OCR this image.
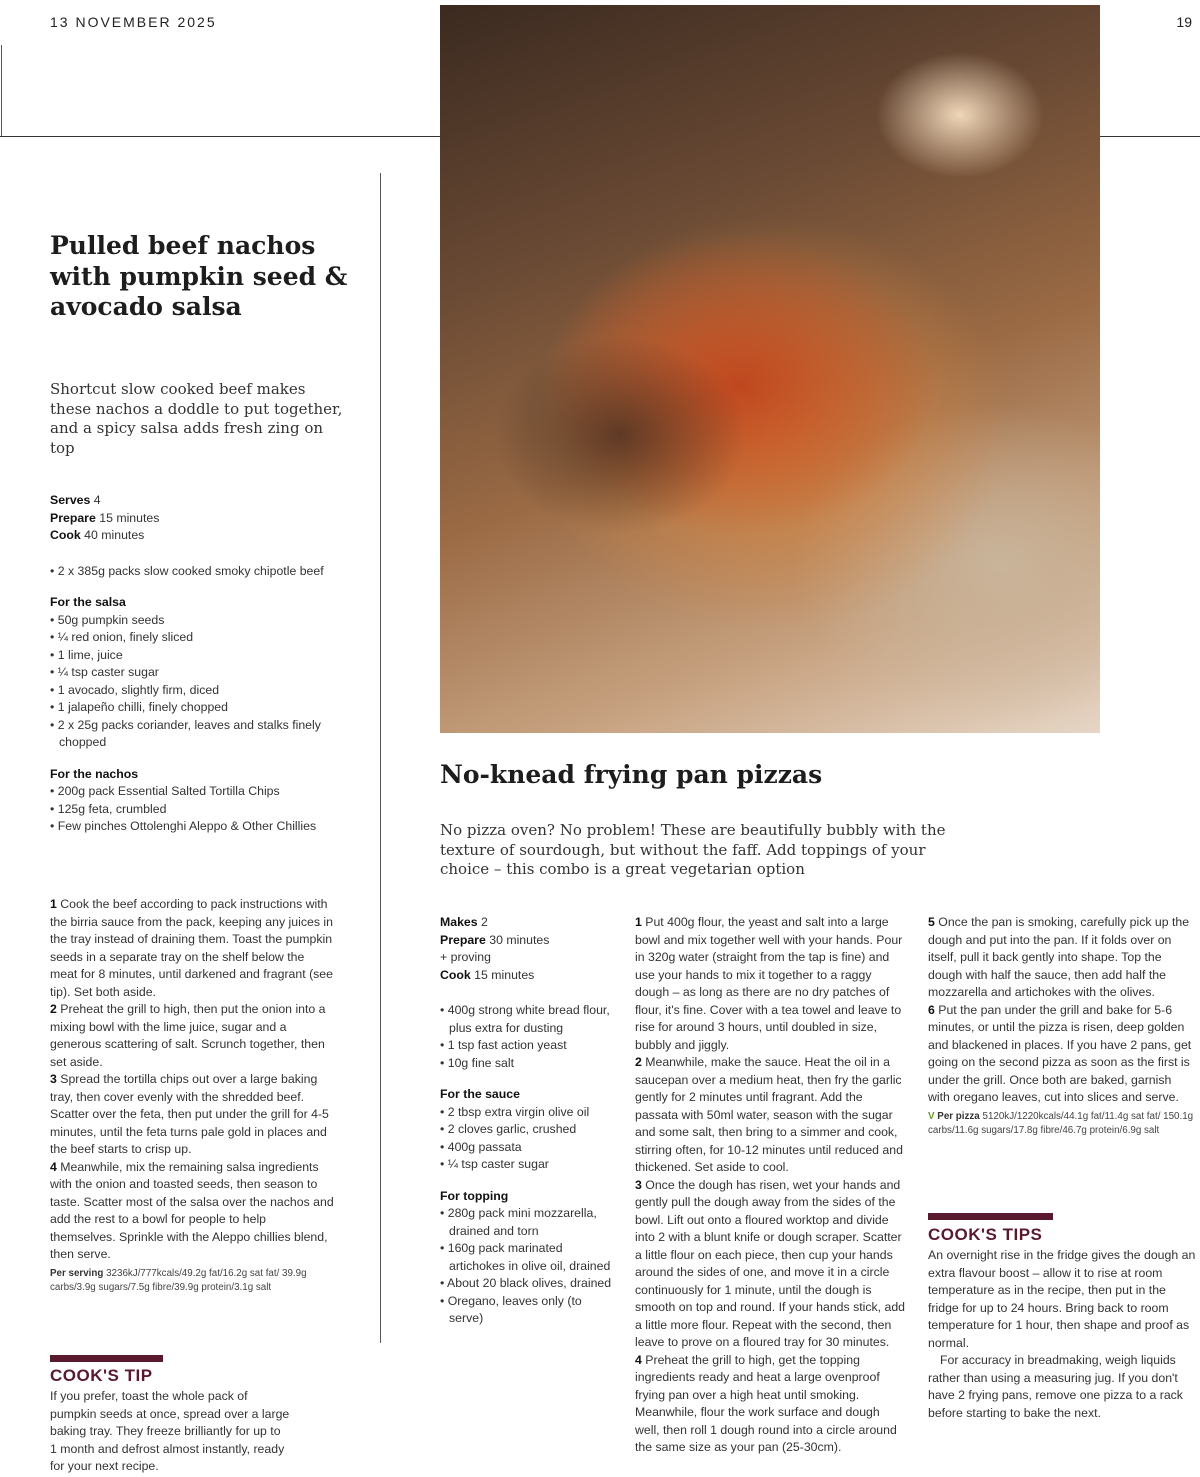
13 NOVEMBER 2025	19
Pulled beef nachos with pumpkin seed & avocado salsa
Shortcut slow cooked beef makes these nachos a doddle to put together, and a spicy salsa adds fresh zing on top
Serves 4
Prepare 15 minutes
Cook 40 minutes
• 2 x 385g packs slow cooked smoky chipotle beef
For the salsa
• 50g pumpkin seeds
• ¼ red onion, finely sliced
• 1 lime, juice
• ¼ tsp caster sugar
• 1 avocado, slightly firm, diced
• 1 jalapeño chilli, finely chopped
• 2 x 25g packs coriander, leaves and stalks finely chopped
For the nachos
• 200g pack Essential Salted Tortilla Chips
• 125g feta, crumbled
• Few pinches Ottolenghi Aleppo & Other Chillies

1 Cook the beef according to pack instructions with the birria sauce from the pack, keeping any juices in the tray instead of draining them. Toast the pumpkin seeds in a separate tray on the shelf below the meat for 8 minutes, until darkened and fragrant (see tip). Set both aside.

2 Preheat the grill to high, then put the onion into a mixing bowl with the lime juice, sugar and a generous scattering of salt. Scrunch together, then set aside.

3 Spread the tortilla chips out over a large baking tray, then cover evenly with the shredded beef. Scatter over the feta, then put under the grill for 4-5 minutes, until the feta turns pale gold in places and the beef starts to crisp up.

4 Meanwhile, mix the remaining salsa ingredients with the onion and toasted seeds, then season to taste. Scatter most of the salsa over the nachos and add the rest to a bowl for people to help themselves. Sprinkle with the Aleppo chillies blend, then serve.

Per serving 3236kJ/777kcals/49.2g fat/16.2g sat fat/ 39.9g carbs/3.9g sugars/7.5g fibre/39.9g protein/3.1g salt

COOK'S TIP
If you prefer, toast the whole pack of pumpkin seeds at once, spread over a large baking tray. They freeze brilliantly for up to 1 month and defrost almost instantly, ready for your next recipe.
No-knead frying pan pizzas
No pizza oven? No problem! These are beautifully bubbly with the texture of sourdough, but without the faff. Add toppings of your choice – this combo is a great vegetarian option
Makes 2
Prepare 30 minutes
+ proving
Cook 15 minutes
• 400g strong white bread flour, plus extra for dusting
• 1 tsp fast action yeast
• 10g fine salt
For the sauce
• 2 tbsp extra virgin olive oil
• 2 cloves garlic, crushed
• 400g passata
• ¼ tsp caster sugar
For topping
• 280g pack mini mozzarella, drained and torn
• 160g pack marinated artichokes in olive oil, drained
• About 20 black olives, drained
• Oregano, leaves only (to serve)

1 Put 400g flour, the yeast and salt into a large bowl and mix together well with your hands. Pour in 320g water (straight from the tap is fine) and use your hands to mix it together to a raggy dough – as long as there are no dry patches of flour, it's fine. Cover with a tea towel and leave to rise for around 3 hours, until doubled in size, bubbly and jiggly.

2 Meanwhile, make the sauce. Heat the oil in a saucepan over a medium heat, then fry the garlic gently for 2 minutes until fragrant. Add the passata with 50ml water, season with the sugar and some salt, then bring to a simmer and cook, stirring often, for 10-12 minutes until reduced and thickened. Set aside to cool.

3 Once the dough has risen, wet your hands and gently pull the dough away from the sides of the bowl. Lift out onto a floured worktop and divide into 2 with a blunt knife or dough scraper. Scatter a little flour on each piece, then cup your hands around the sides of one, and move it in a circle continuously for 1 minute, until the dough is smooth on top and round. If your hands stick, add a little more flour. Repeat with the second, then leave to prove on a floured tray for 30 minutes.

4 Preheat the grill to high, get the topping ingredients ready and heat a large ovenproof frying pan over a high heat until smoking. Meanwhile, flour the work surface and dough well, then roll 1 dough round into a circle around the same size as your pan (25-30cm).

5 Once the pan is smoking, carefully pick up the dough and put into the pan. If it folds over on itself, pull it back gently into shape. Top the dough with half the sauce, then add half the mozzarella and artichokes with the olives.

6 Put the pan under the grill and bake for 5-6 minutes, or until the pizza is risen, deep golden and blackened in places. If you have 2 pans, get going on the second pizza as soon as the first is under the grill. Once both are baked, garnish with oregano leaves, cut into slices and serve.

V Per pizza 5120kJ/1220kcals/44.1g fat/11.4g sat fat/ 150.1g carbs/11.6g sugars/17.8g fibre/46.7g protein/6.9g salt

COOK'S TIPS

An overnight rise in the fridge gives the dough an extra flavour boost – allow it to rise at room temperature as in the recipe, then put in the fridge for up to 24 hours. Bring back to room temperature for 1 hour, then shape and proof as normal.

For accuracy in breadmaking, weigh liquids rather than using a measuring jug. If you don't have 2 frying pans, remove one pizza to a rack before starting to bake the next.
